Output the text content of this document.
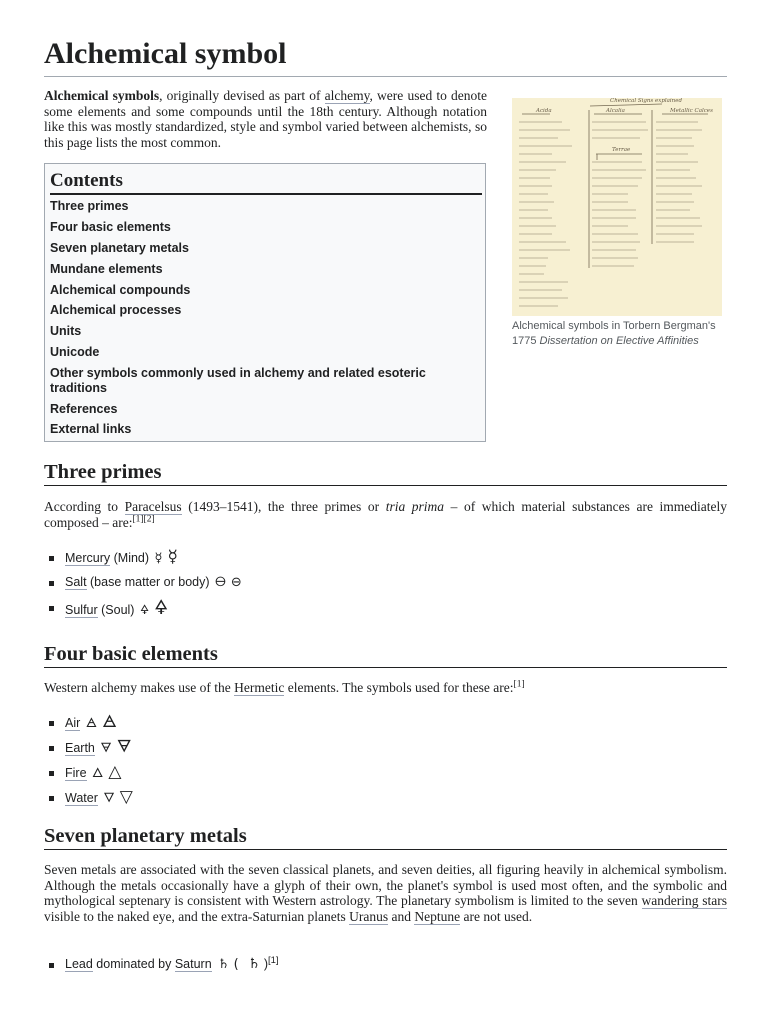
Alchemical symbol

Alchemical symbols, originally devised as part of alchemy, were used to denote some elements and some compounds until the 18th century. Although notation like this was mostly standardized, style and symbol varied between alchemists, so this page lists the most common.

Acida	Alcalia	Metallic Calces
Chemical Signs explained
Terrae
Alchemical symbols in Torbern Bergman's 1775 Dissertation on Elective Affinities
Contents
Three primes
Four basic elements
Seven planetary metals
Mundane elements
Alchemical compounds
Alchemical processes
Units
Unicode
Other symbols commonly used in alchemy and related esoteric traditions
References
External links
Three primes

According to Paracelsus (1493–1541), the three primes or tria prima – of which material substances are immediately composed – are:[1][2]

Mercury (Mind) ☿ ☿
Salt (base matter or body) 🜔 ⊖
Sulfur (Soul) 🜍 🜍
Four basic elements

Western alchemy makes use of the Hermetic elements. The symbols used for these are:[1]

Air 🜁 🜁
Earth 🜃 🜃
Fire 🜂 △
Water 🜄 ▽
Seven planetary metals

Seven metals are associated with the seven classical planets, and seven deities, all figuring heavily in alchemical symbolism. Although the metals occasionally have a glyph of their own, the planet's symbol is used most often, and the symbolic and mythological septenary is consistent with Western astrology. The planetary symbolism is limited to the seven wandering stars visible to the naked eye, and the extra-Saturnian planets Uranus and Neptune are not used.

Lead dominated by Saturn ♄ ( ♄ )[1]
